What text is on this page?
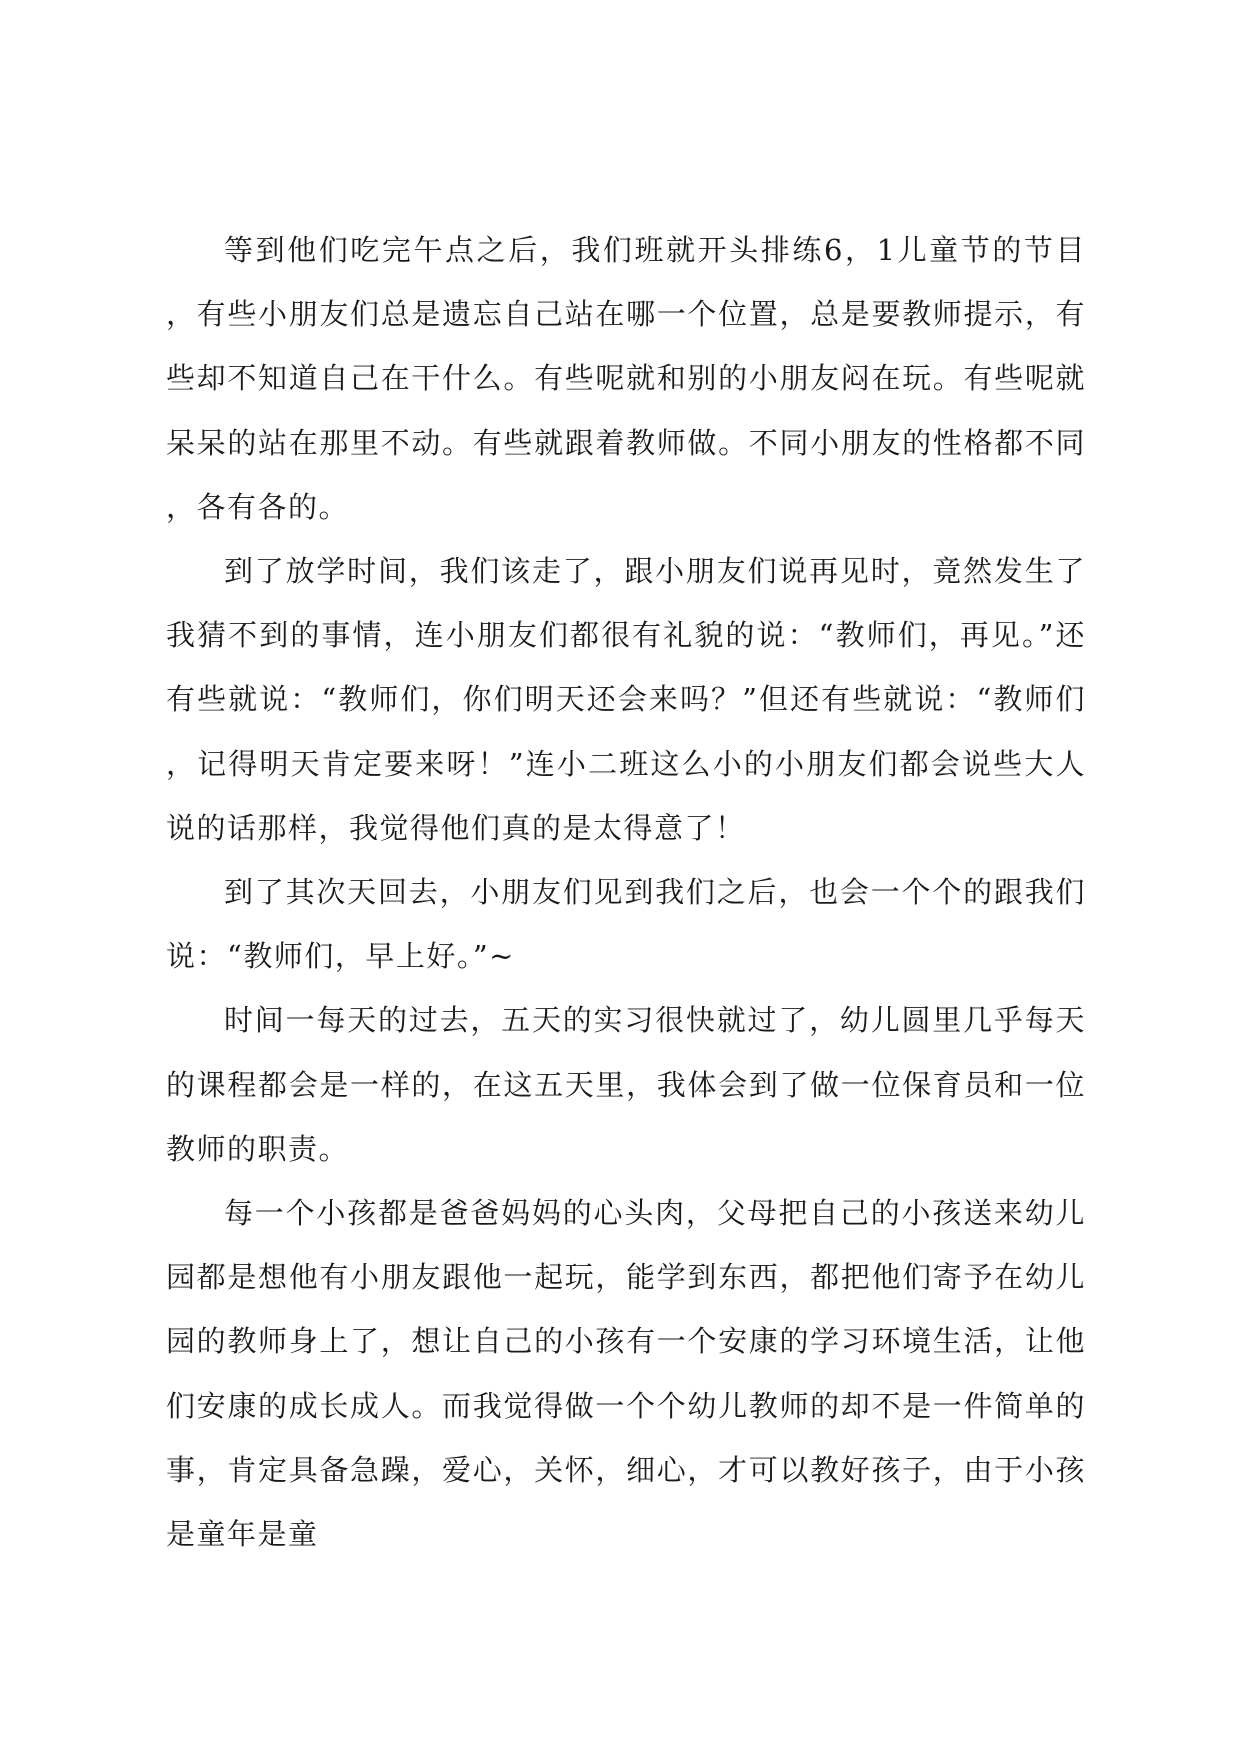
等到他们吃完午点之后，我们班就开头排练6，1儿童节的节目，有些小朋友们总是遗忘自己站在哪一个位置，总是要教师提示，有些却不知道自己在干什么。有些呢就和别的小朋友闷在玩。有些呢就呆呆的站在那里不动。有些就跟着教师做。不同小朋友的性格都不同，各有各的。

到了放学时间，我们该走了，跟小朋友们说再见时，竟然发生了我猜不到的事情，连小朋友们都很有礼貌的说：“教师们，再见。”还有些就说：“教师们，你们明天还会来吗？”但还有些就说：“教师们，记得明天肯定要来呀！”连小二班这么小的小朋友们都会说些大人说的话那样，我觉得他们真的是太得意了！

到了其次天回去，小朋友们见到我们之后，也会一个个的跟我们说：“教师们，早上好。”~

时间一每天的过去，五天的实习很快就过了，幼儿圆里几乎每天的课程都会是一样的，在这五天里，我体会到了做一位保育员和一位教师的职责。

每一个小孩都是爸爸妈妈的心头肉，父母把自己的小孩送来幼儿园都是想他有小朋友跟他一起玩，能学到东西，都把他们寄予在幼儿园的教师身上了，想让自己的小孩有一个安康的学习环境生活，让他们安康的成长成人。而我觉得做一个个幼儿教师的却不是一件简单的事，肯定具备急躁，爱心，关怀，细心，才可以教好孩子，由于小孩是童年是童
